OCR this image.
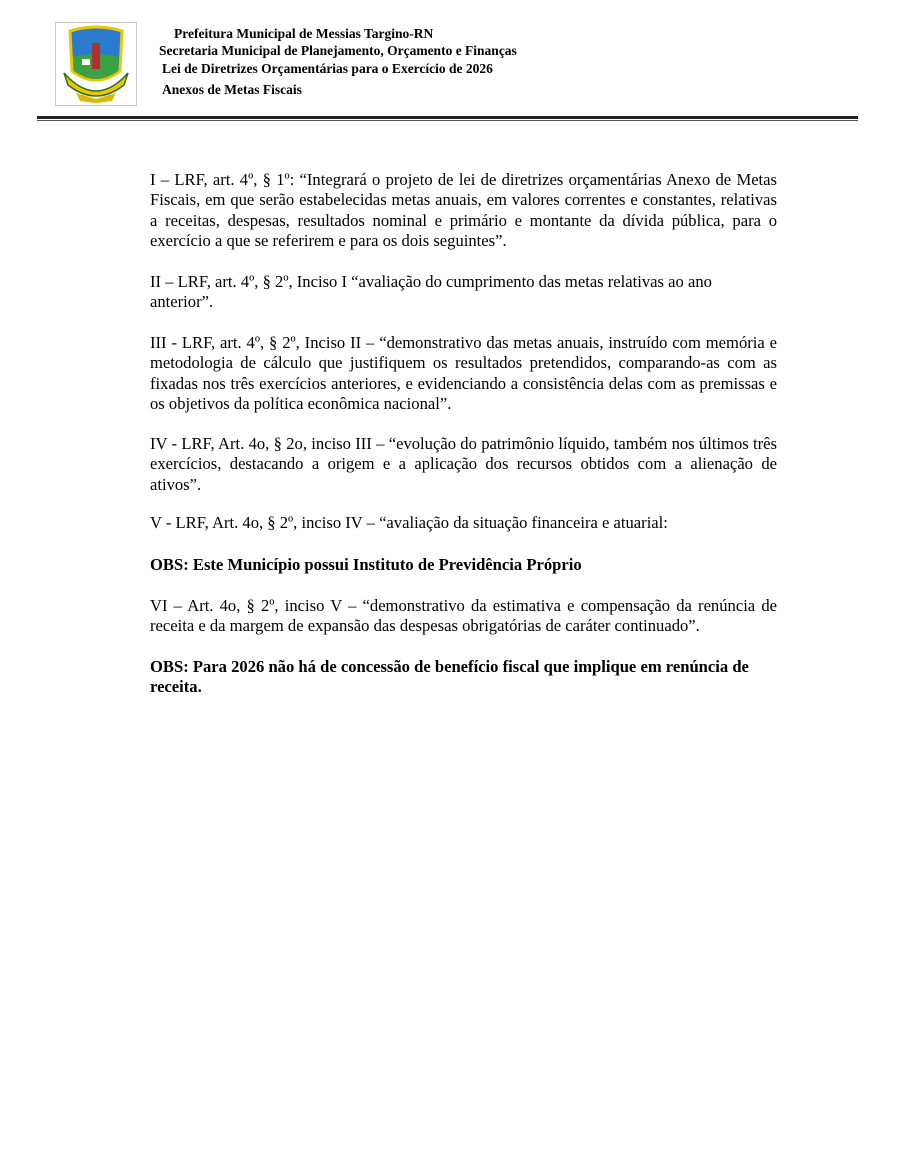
Prefeitura Municipal de Messias Targino-RN
Secretaria Municipal de Planejamento, Orçamento e Finanças
Lei de Diretrizes Orçamentárias para o Exercício de 2026
Anexos de Metas Fiscais
I – LRF, art. 4º, § 1º: “Integrará o projeto de lei de diretrizes orçamentárias Anexo de Metas Fiscais, em que serão estabelecidas metas anuais, em valores correntes e constantes, relativas a receitas, despesas, resultados nominal e primário e montante da dívida pública, para o exercício a que se referirem e para os dois seguintes”.
II – LRF, art. 4º, § 2º, Inciso I “avaliação do cumprimento das metas relativas ao ano anterior”.
III - LRF, art. 4º, § 2º, Inciso II – “demonstrativo das metas anuais, instruído com memória e metodologia de cálculo que justifiquem os resultados pretendidos, comparando-as com as fixadas nos três exercícios anteriores, e evidenciando a consistência delas com as premissas e os objetivos da política econômica nacional”.
IV - LRF, Art. 4o, § 2o, inciso III – “evolução do patrimônio líquido, também nos últimos três exercícios, destacando a origem e a aplicação dos recursos obtidos com a alienação de ativos”.
V - LRF, Art. 4o, § 2º, inciso IV – “avaliação da situação financeira e atuarial:
OBS: Este Município possui Instituto de Previdência Próprio
VI – Art. 4o, § 2º, inciso V – “demonstrativo da estimativa e compensação da renúncia de receita e da margem de expansão das despesas obrigatórias de caráter continuado”.
OBS: Para 2026 não há de concessão de benefício fiscal que implique em renúncia de receita.
